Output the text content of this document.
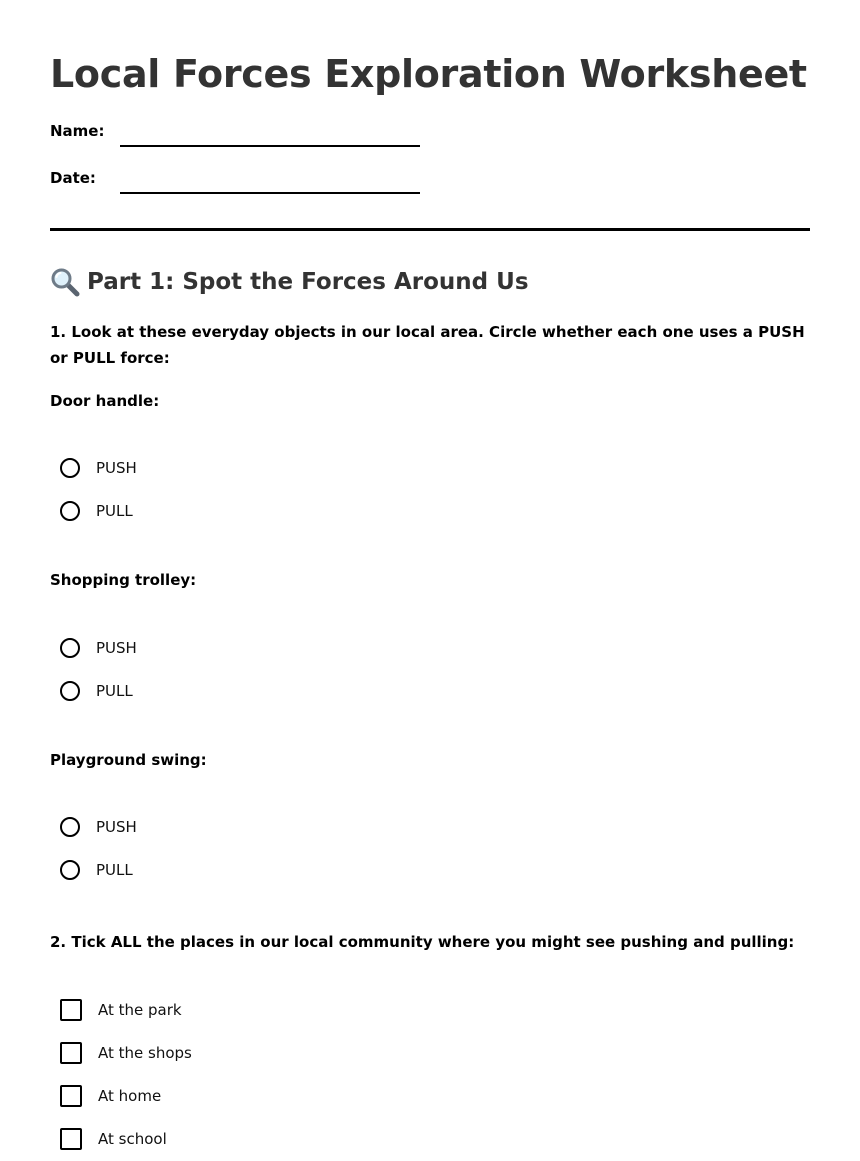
Local Forces Exploration Worksheet
Name:
Date:
Part 1: Spot the Forces Around Us
1. Look at these everyday objects in our local area. Circle whether each one uses a PUSH or PULL force:
Door handle:
PUSH
PULL
Shopping trolley:
PUSH
PULL
Playground swing:
PUSH
PULL
2. Tick ALL the places in our local community where you might see pushing and pulling:
At the park
At the shops
At home
At school
